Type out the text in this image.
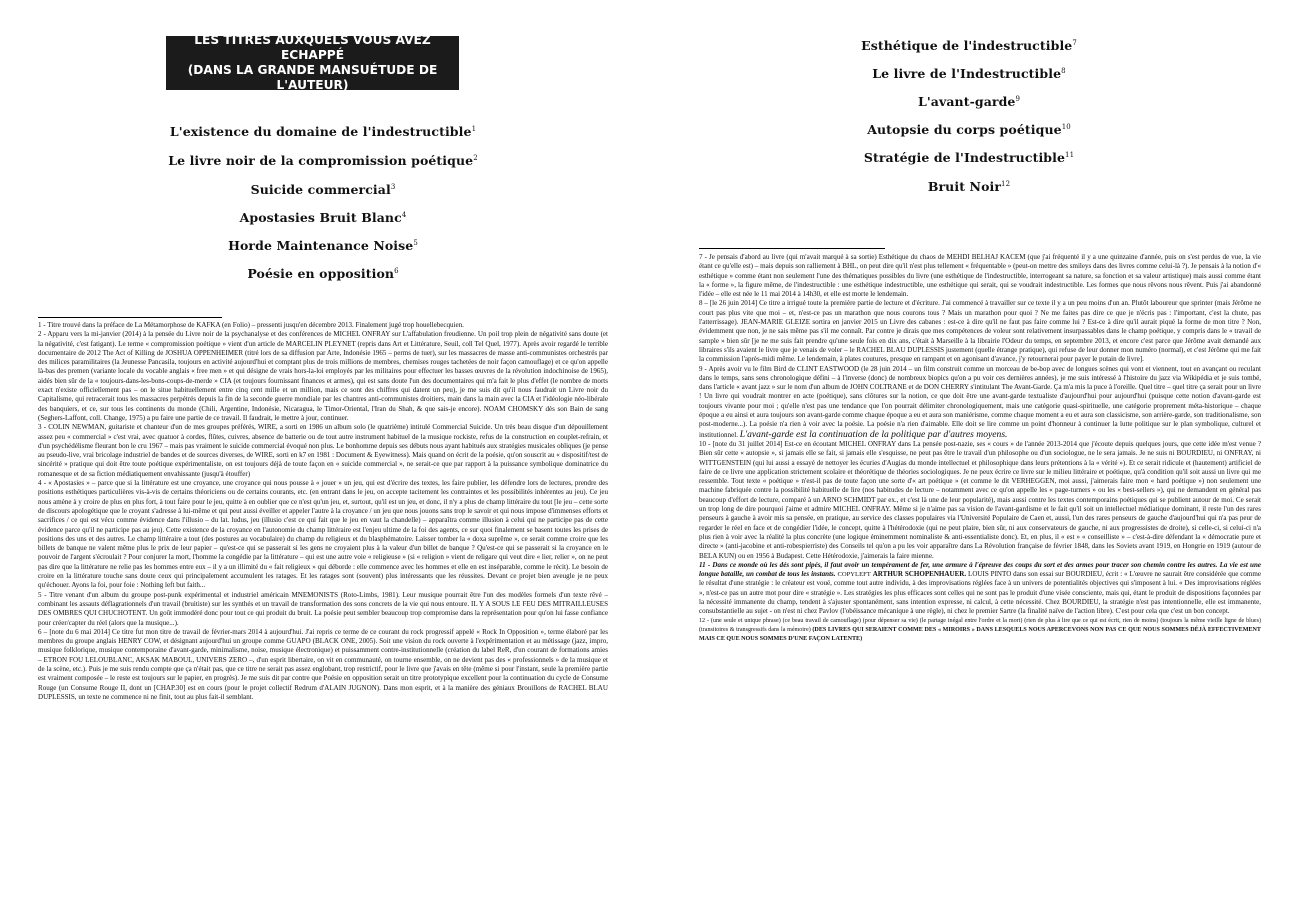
LES TITRES AUXQUELS VOUS AVEZ ECHAPPÉ
(DANS LA GRANDE MANSUÉTUDE DE L'AUTEUR)
L'existence du domaine de l'indestructible$^1$
Le livre noir de la compromission poétique$^2$
Suicide commercial$^3$
Apostasies Bruit Blanc$^4$
Horde Maintenance Noise$^5$
Poésie en opposition$^6$

1 - Titre trouvé dans la préface de La Métamorphose de KAFKA (en Folio) – pressenti jusqu'en décembre 2013. Finalement jugé trop houellebecquien.

2 - Apparu vers la mi-janvier (2014) à la pensée du Livre noir de la psychanalyse et des conférences de MICHEL ONFRAY sur L'affabulation freudienne. Un poil trop plein de négativité sans doute (et la négativité, c'est fatigant). Le terme « compromission poétique » vient d'un article de MARCELIN PLEYNET (repris dans Art et Littérature, Seuil, coll Tel Quel, 1977). Après avoir regardé le terrible documentaire de 2012 The Act of Killing de JOSHUA OPPENHEIMER (titré lors de sa diffusion par Arte, Indonésie 1965 – perms de tuer), sur les massacres de masse anti-communistes orchestrés par des milices paramilitaires (la Jeunesse Pancasila, toujours en activité aujourd'hui et comptant plus de trois millions de membres, chemises rouges tachetées de noir façon camouflage) et ce qu'on appelle là-bas des premen (variante locale du vocable anglais « free men » et qui désigne de vrais hors-la-loi employés par les militaires pour effectuer les basses œuvres de la révolution indochinoise de 1965), aidés bien sûr de la « toujours-dans-les-bons-coups-de-merde » CIA (et toujours fournissant finances et armes), qui est sans doute l'un des documentaires qui m'a fait le plus d'effet (le nombre de morts exact n'existe officiellement pas – on le situe habituellement entre cinq cent mille et un million, mais ce sont des chiffres qui datent un peu), je me suis dit qu'il nous faudrait un Livre noir du Capitalisme, qui retracerait tous les massacres perpétrés depuis la fin de la seconde guerre mondiale par les chantres anti-communistes droitiers, main dans la main avec la CIA et l'idéologie néo-libérale des banquiers, et ce, sur tous les continents du monde (Chili, Argentine, Indonésie, Nicaragua, le Timor-Oriental, l'Iran du Shah, & que sais-je encore). NOAM CHOMSKY dès son Bain de sang (Seghers-Laffont, coll. Change, 1975) a pu faire une partie de ce travail. Il faudrait, le mettre à jour, continuer.

3 - COLIN NEWMAN, guitariste et chanteur d'un de mes groupes préférés, WIRE, a sorti en 1986 un album solo (le quatrième) intitulé Commercial Suicide. Un très beau disque d'un dépouillement assez peu « commercial » c'est vrai, avec quatuor à cordes, flûtes, cuivres, absence de batterie ou de tout autre instrument habituel de la musique rockiste, refus de la construction en couplet-refrain, et d'un psychédélisme fleurant bon le cru 1967 – mais pas vraiment le suicide commercial évoqué non plus. Le bonhomme depuis ses débuts nous ayant habitués aux stratégies musicales obliques (je pense au pseudo-live, vrai bricolage industriel de bandes et de sources diverses, de WIRE, sorti en k7 en 1981 : Document & Eyewitness). Mais quand on écrit de la poésie, qu'on souscrit au « dispositif/test de sincérité » pratique qui doit être toute poétique expérimentaliste, on est toujours déjà de toute façon en « suicide commercial », ne serait-ce que par rapport à la puissance symbolique dominatrice du romanesque et de sa fiction médiatiquement envahissante (jusqu'à étouffer)

4 - « Apostasies » – parce que si la littérature est une croyance, une croyance qui nous pousse à « jouer » un jeu, qui est d'écrire des textes, les faire publier, les défendre lors de lectures, prendre des positions esthétiques particulières vis-à-vis de certains théoriciens ou de certains courants, etc. (en entrant dans le jeu, on accepte tacitement les contraintes et les possibilités inhérentes au jeu). Ce jeu nous amène à y croire de plus en plus fort, à tout faire pour le jeu, quitte à en oublier que ce n'est qu'un jeu, et, surtout, qu'il est un jeu, et donc, il n'y a plus de champ littéraire du tout [le jeu – cette sorte de discours apologétique que le croyant s'adresse à lui-même et qui peut aussi éveiller et appeler l'autre à la croyance / un jeu que nous jouons sans trop le savoir et qui nous impose d'immenses efforts et sacrifices / ce qui est vécu comme évidence dans l'illusio – du lat. ludus, jeu (illusio c'est ce qui fait que le jeu en vaut la chandelle) – apparaîtra comme illusion à celui qui ne participe pas de cette évidence parce qu'il ne participe pas au jeu). Cette existence de la croyance en l'autonomie du champ littéraire est l'enjeu ultime de la foi des agents, ce sur quoi finalement se basent toutes les prises de positions des uns et des autres. Le champ littéraire a tout (des postures au vocabulaire) du champ du religieux et du blasphématoire. Laisser tomber la « doxa suprême », ce serait comme croire que les billets de banque ne valent même plus le prix de leur papier – qu'est-ce qui se passerait si les gens ne croyaient plus à la valeur d'un billet de banque ? Qu'est-ce qui se passerait si la croyance en le pouvoir de l'argent s'écroulait ? Pour conjurer la mort, l'homme la congédie par la littérature – qui est une autre voie « religieuse » (si « religion » vient de religare qui veut dire « lier, relier », on ne peut pas dire que la littérature ne relie pas les hommes entre eux – il y a un illimité du « fait religieux » qui déborde : elle commence avec les hommes et elle en est inséparable, comme le récit). Le besoin de croire en la littérature touche sans doute ceux qui principalement accumulent les ratages. Et les ratages sont (souvent) plus intéressants que les réussites. Devant ce projet bien aveugle je ne peux qu'échouer. Ayons la foi, pour foie : Nothing left but faith...

5 - Titre venant d'un album du groupe post-punk expérimental et industriel américain MNEMONISTS (Roto-Limbs, 1981). Leur musique pourrait être l'un des modèles formels d'un texte rêvé – combinant les assauts déflagrationnels d'un travail (bruitiste) sur les synthés et un travail de transformation des sons concrets de la vie qui nous entoure. IL Y A SOUS LE FEU DES MITRAILLEUSES DES OMBRES QUI CHUCHOTENT. Un goût immodéré donc pour tout ce qui produit du bruit. La poésie peut sembler beaucoup trop compromise dans la représentation pour qu'on lui fasse confiance pour créer/capter du réel (alors que la musique...).

6 – [note du 6 mai 2014] Ce titre fut mon titre de travail de février-mars 2014 à aujourd'hui. J'ai repris ce terme de ce courant du rock progressif appelé « Rock In Opposition », terme élaboré par les membres du groupe anglais HENRY COW, et désignant aujourd'hui un groupe comme GUAPO (BLACK ONE, 2005). Soit une vision du rock ouverte à l'expérimentation et au métissage (jazz, impro, musique folklorique, musique contemporaine d'avant-garde, minimalisme, noise, musique électronique) et puissamment contre-institutionnelle (création du label ReR, d'un courant de formations amies – ETRON FOU LELOUBLANC, AKSAK MABOUL, UNIVERS ZERO –, d'un esprit libertaire, on vit en communauté, on tourne ensemble, on ne devient pas des « professionnels » de la musique et de la scène, etc.). Puis je me suis rendu compte que ça n'était pas, que ce titre ne serait pas assez englobant, trop restrictif, pour le livre que j'avais en tête (même si pour l'instant, seule la première partie est vraiment composée – le reste est toujours sur le papier, en progrès). Je me suis dit par contre que Poésie en opposition serait un titre prototypique excellent pour la continuation du cycle de Consume Rouge (un Consume Rouge II, dont un [CHAP.30] est en cours (pour le projet collectif Redrum d'ALAIN JUGNON). Dans mon esprit, et à la manière des géniaux Brouillons de RACHEL BLAU DUPLESSIS, un texte ne commence ni ne finit, tout au plus fait-il semblant.

Esthétique de l'indestructible$^7$
Le livre de l'Indestructible$^8$
L'avant-garde$^9$
Autopsie du corps poétique$^{10}$
Stratégie de l'Indestructible$^{11}$
Bruit Noir$^{12}$

7 - Je pensais d'abord au livre (qui m'avait marqué à sa sortie) Esthétique du chaos de MEHDI BELHAJ KACEM (que j'ai fréquenté il y a une quinzaine d'année, puis on s'est perdus de vue, la vie étant ce qu'elle est) – mais depuis son ralliement à BHL, on peut dire qu'il n'est plus tellement « fréquentable » (peut-on mettre des smileys dans des livres comme celui-là ?). Je pensais à la notion d'« esthétique » comme étant non seulement l'une des thématiques possibles du livre (une esthétique de l'indestructible, interrogeant sa nature, sa fonction et sa valeur artistique) mais aussi comme étant la « forme », la figure même, de l'indestructible : une esthétique indestructible, une esthétique qui serait, qui se voudrait indestructible. Les formes que nous rêvons nous rêvent. Puis j'ai abandonné l'idée – elle est née le 11 mai 2014 à 14h30, et elle est morte le lendemain.

8 – [le 26 juin 2014] Ce titre a irrigué toute la première partie de lecture et d'écriture. J'ai commencé à travailler sur ce texte il y a un peu moins d'un an. Plutôt laboureur que sprinter (mais Jérôme ne court pas plus vite que moi – et, n'est-ce pas un marathon que nous courons tous ? Mais un marathon pour quoi ? Ne me faites pas dire ce que je n'écris pas : l'important, c'est la chute, pas l'atterrissage). JEAN-MARIE GLEIZE sortira en janvier 2015 un Livre des cabanes : est-ce à dire qu'il ne faut pas faire comme lui ? Est-ce à dire qu'il aurait piqué la forme de mon titre ? Non, évidemment que non, je ne sais même pas s'il me connaît. Par contre je dirais que mes compétences de voleur sont relativement insurpassables dans le champ poétique, y compris dans le « travail de sample » bien sûr [je ne me suis fait prendre qu'une seule fois en dix ans, c'était à Marseille à la librairie l'Odeur du temps, en septembre 2013, et encore c'est parce que Jérôme avait demandé aux libraires s'ils avaient le livre que je venais de voler – le RACHEL BLAU DUPLESSIS justement (quelle étrange pratique), qui refuse de leur donner mon numéro (normal), et c'est Jérôme qui me fait la commission l'après-midi même. Le lendemain, à plates coutures, presque en rampant et en agonisant d'avance, j'y retournerai pour payer le putain de livre].

9 - Après avoir vu le film Bird de CLINT EASTWOOD (le 28 juin 2014 – un film construit comme un morceau de be-bop avec de longues scènes qui vont et viennent, tout en avançant ou reculant dans le temps, sans sens chronologique défini – à l'inverse (donc) de nombreux biopics qu'on a pu voir ces dernières années), je me suis intéressé à l'histoire du jazz via Wikipédia et je suis tombé, dans l'article « avant jazz » sur le nom d'un album de JOHN COLTRANE et de DON CHERRY s'intitulant The Avant-Garde. Ça m'a mis la puce à l'oreille. Quel titre – quel titre ça serait pour un livre ! Un livre qui voudrait montrer en acte (poétique), sans clôtures sur la notion, ce que doit être une avant-garde textualiste d'aujourd'hui pour aujourd'hui (puisque cette notion d'avant-garde est toujours vivante pour moi ; qu'elle n'est pas une tendance que l'on pourrait délimiter chronologiquement, mais une catégorie quasi-spirituelle, une catégorie proprement méta-historique – chaque époque a eu ainsi et aura toujours son avant-garde comme chaque époque a eu et aura son maniérisme, comme chaque moment a eu et aura son classicisme, son arrière-garde, son traditionalisme, son post-moderne...). La poésie n'a rien à voir avec la poésie. La poésie n'a rien d'aimable. Elle doit se lire comme un point d'honneur à continuer la lutte politique sur le plan symbolique, culturel et institutionnel. L'avant-garde est la continuation de la politique par d'autres moyens.

10 - [note du 31 juillet 2014] Est-ce en écoutant MICHEL ONFRAY dans La pensée post-nazie, ses « cours » de l'année 2013-2014 que j'écoute depuis quelques jours, que cette idée m'est venue ? Bien sûr cette « autopsie », si jamais elle se fait, si jamais elle s'esquisse, ne peut pas être le travail d'un philosophe ou d'un sociologue, ne le sera jamais. Je ne suis ni BOURDIEU, ni ONFRAY, ni WITTGENSTEIN (qui lui aussi a essayé de nettoyer les écuries d'Augias du monde intellectuel et philosophique dans leurs prétentions à la « vérité »). Et ce serait ridicule et (hautement) artificiel de faire de ce livre une application strictement scolaire et théorétique de théories sociologiques. Je ne peux écrire ce livre sur le milieu littéraire et poétique, qu'à condition qu'il soit aussi un livre qui me ressemble. Tout texte « poétique » n'est-il pas de toute façon une sorte d'« art poétique » (et comme le dit VERHEGGEN, moi aussi, j'aimerais faire mon « hard poétique ») non seulement une machine fabriquée contre la possibilité habituelle de lire (nos habitudes de lecture – notamment avec ce qu'on appelle les « page-turners » ou les « best-sellers »), qui ne demandent en général pas beaucoup d'effort de lecture, comparé à un ARNO SCHMIDT par ex., et c'est là une de leur popularité), mais aussi contre les textes contemporains poétiques qui se publient autour de moi. Ce serait un trop long de dire pourquoi j'aime et admire MICHEL ONFRAY. Même si je n'aime pas sa vision de l'avant-gardisme et le fait qu'il soit un intellectuel médiatique dominant, il reste l'un des rares penseurs à gauche à avoir mis sa pensée, en pratique, au service des classes populaires via l'Université Populaire de Caen et, aussi, l'un des rares penseurs de gauche d'aujourd'hui qui n'a pas peur de regarder le réel en face et de congédier l'idée, le concept, quitte à l'hétérodoxie (qui ne peut plaire, bien sûr, ni aux conservateurs de gauche, ni aux progressistes de droite), si celle-ci, si celui-ci n'a plus rien à voir avec la réalité la plus concrète (une logique éminemment nominaliste & anti-essentialiste donc). Et, en plus, il « est » « conseilliste » – c'est-à-dire défendant la « démocratie pure et directe » (anti-jacobine et anti-robespierriste) des Conseils tel qu'on a pu les voir apparaître dans La Révolution française de février 1848, dans les Soviets avant 1919, en Hongrie en 1919 (autour de BELA KUN) ou en 1956 à Budapest. Cette Hétérodoxie, j'aimerais la faire mienne.

11 - Dans ce monde où les dés sont pipés, il faut avoir un tempérament de fer, une armure à l'épreuve des coups du sort et des armes pour tracer son chemin contre les autres. La vie est une longue bataille, un combat de tous les instants. COPYLEFT ARTHUR SCHOPENHAUER. LOUIS PINTO dans son essai sur BOURDIEU, écrit : « L'œuvre ne saurait être considérée que comme le résultat d'une stratégie : le créateur est voué, comme tout autre individu, à des improvisations réglées face à un univers de potentialités objectives qui s'imposent à lui. « Des improvisations réglées », n'est-ce pas un autre mot pour dire « stratégie ». Les stratégies les plus efficaces sont celles qui ne sont pas le produit d'une visée consciente, mais qui, étant le produit de dispositions façonnées par la nécessité immanente du champ, tendent à s'ajuster spontanément, sans intention expresse, ni calcul, à cette nécessité. Chez BOURDIEU, la stratégie n'est pas intentionnelle, elle est immanente, consubstantielle au sujet - on n'est ni chez Pavlov (l'obéissance mécanique à une règle), ni chez le premier Sartre (la finalité naïve de l'action libre). C'est pour cela que c'est un bon concept.

12 - (une seule et unique phrase) (ce beau travail de camouflage) (pour dépenser sa vie) (le partage inégal entre l'ordre et la mort) (rien de plus à lire que ce qui est écrit, rien de moins) (toujours la même vieille ligne de blues) (transitoires & transgressifs dans la mémoire) (DES LIVRES QUI SERAIENT COMME DES « MIROIRS » DANS LESQUELS NOUS APERCEVONS NON PAS CE QUE NOUS SOMMES DÉJÀ EFFECTIVEMENT MAIS CE QUE NOUS SOMMES D'UNE FAÇON LATENTE)
